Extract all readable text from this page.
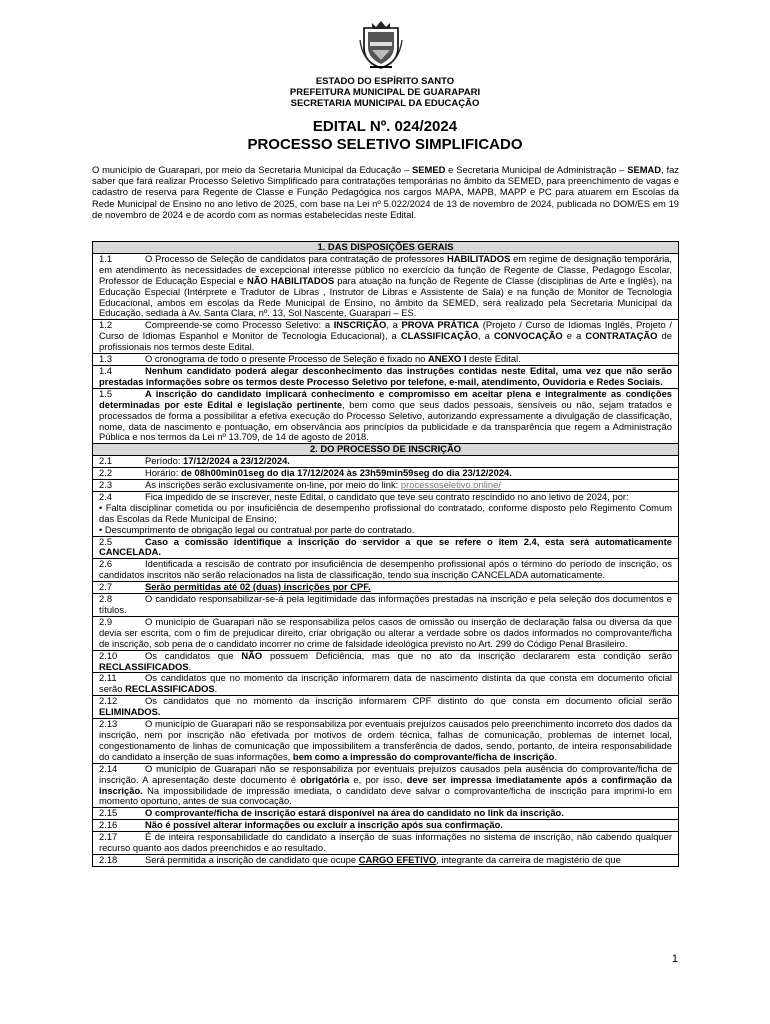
ESTADO DO ESPÍRITO SANTO
PREFEITURA MUNICIPAL DE GUARAPARI
SECRETARIA MUNICIPAL DA EDUCAÇÃO
EDITAL Nº. 024/2024
PROCESSO SELETIVO SIMPLIFICADO
O município de Guarapari, por meio da Secretaria Municipal da Educação – SEMED e Secretaria Municipal de Administração – SEMAD, faz saber que fará realizar Processo Seletivo Simplificado para contratações temporárias no âmbito da SEMED, para preenchimento de vagas e cadastro de reserva para Regente de Classe e Função Pedagógica nos cargos MAPA, MAPB, MAPP e PC para atuarem em Escolas da Rede Municipal de Ensino no ano letivo de 2025, com base na Lei nº 5.022/2024 de 13 de novembro de 2024, publicada no DOM/ES em 19 de novembro de 2024 e de acordo com as normas estabelecidas neste Edital.
1. DAS DISPOSIÇÕES GERAIS
1.1	O Processo de Seleção de candidatos para contratação de professores HABILITADOS em regime de designação temporária, em atendimento às necessidades de excepcional interesse público no exercício da função de Regente de Classe, Pedagogo Escolar, Professor de Educação Especial e NÃO HABILITADOS para atuação na função de Regente de Classe (disciplinas de Arte e Inglês), na Educação Especial (Intérprete e Tradutor de Libras , Instrutor de Libras e Assistente de Sala) e na função de Monitor de Tecnologia Educacional, ambos em escolas da Rede Municipal de Ensino, no âmbito da SEMED, será realizado pela Secretaria Municipal da Educação, sediada à Av. Santa Clara, nº. 13, Sol Nascente, Guarapari – ES.
1.2	Compreende-se como Processo Seletivo: a INSCRIÇÃO, a PROVA PRÁTICA (Projeto / Curso de Idiomas Inglês, Projeto / Curso de Idiomas Espanhol e Monitor de Tecnologia Educacional), a CLASSIFICAÇÃO, a CONVOCAÇÃO e a CONTRATAÇÃO de profissionais nos termos deste Edital.
1.3	O cronograma de todo o presente Processo de Seleção é fixado no ANEXO I deste Edital.
1.4	Nenhum candidato poderá alegar desconhecimento das instruções contidas neste Edital, uma vez que não serão prestadas informações sobre os termos deste Processo Seletivo por telefone, e-mail, atendimento, Ouvidoria e Redes Sociais.
1.5	A inscrição do candidato implicará conhecimento e compromisso em aceitar plena e integralmente as condições determinadas por este Edital e legislação pertinente, bem como que seus dados pessoais, sensíveis ou não, sejam tratados e processados de forma a possibilitar a efetiva execução do Processo Seletivo, autorizando expressamente a divulgação de classificação, nome, data de nascimento e pontuação, em observância aos princípios da publicidade e da transparência que regem a Administração Pública e nos termos da Lei nº 13.709, de 14 de agosto de 2018.
2. DO PROCESSO DE INSCRIÇÃO
2.1	Período: 17/12/2024 a 23/12/2024.
2.2	Horário: de 08h00min01seg do dia 17/12/2024 às 23h59min59seg do dia 23/12/2024.
2.3	As inscrições serão exclusivamente on-line, por meio do link: processoseletivo.online/
2.4	Fica impedido de se inscrever, neste Edital, o candidato que teve seu contrato rescindido no ano letivo de 2024, por:
• Falta disciplinar cometida ou por insuficiência de desempenho profissional do contratado, conforme disposto pelo Regimento Comum das Escolas da Rede Municipal de Ensino;
• Descumprimento de obrigação legal ou contratual por parte do contratado.
2.5	Caso a comissão identifique a inscrição do servidor a que se refere o item 2.4, esta será automaticamente CANCELADA.
2.6	Identificada a rescisão de contrato por insuficiência de desempenho profissional após o término do período de inscrição, os candidatos inscritos não serão relacionados na lista de classificação, tendo sua inscrição CANCELADA automaticamente.
2.7	Serão permitidas até 02 (duas) inscrições por CPF.
2.8	O candidato responsabilizar-se-á pela legitimidade das informações prestadas na inscrição e pela seleção dos documentos e títulos.
2.9	O município de Guarapari não se responsabiliza pelos casos de omissão ou inserção de declaração falsa ou diversa da que devia ser escrita, com o fim de prejudicar direito, criar obrigação ou alterar a verdade sobre os dados informados no comprovante/ficha de inscrição, sob pena de o candidato incorrer no crime de falsidade ideológica previsto no Art. 299 do Código Penal Brasileiro.
2.10	Os candidatos que NÃO possuem Deficiência, mas que no ato da inscrição declararem esta condição serão RECLASSIFICADOS.
2.11	Os candidatos que no momento da inscrição informarem data de nascimento distinta da que consta em documento oficial serão RECLASSIFICADOS.
2.12	Os candidatos que no momento da inscrição informarem CPF distinto do que consta em documento oficial serão ELIMINADOS.
2.13	O município de Guarapari não se responsabiliza por eventuais prejuízos causados pelo preenchimento incorreto dos dados da inscrição, nem por inscrição não efetivada por motivos de ordem técnica, falhas de comunicação, problemas de internet local, congestionamento de linhas de comunicação que impossibilitem a transferência de dados, sendo, portanto, de inteira responsabilidade do candidato a inserção de suas informações, bem como a impressão do comprovante/ficha de inscrição.
2.14	O município de Guarapari não se responsabiliza por eventuais prejuízos causados pela ausência do comprovante/ficha de inscrição. A apresentação deste documento é obrigatória e, por isso, deve ser impressa imediatamente após a confirmação da inscrição. Na impossibilidade de impressão imediata, o candidato deve salvar o comprovante/ficha de inscrição para imprimi-lo em momento oportuno, antes de sua convocação.
2.15	O comprovante/ficha de inscrição estará disponível na área do candidato no link da inscrição.
2.16	Não é possível alterar informações ou excluir a inscrição após sua confirmação.
2.17	É de inteira responsabilidade do candidato a inserção de suas informações no sistema de inscrição, não cabendo qualquer recurso quanto aos dados preenchidos e ao resultado.
2.18	Será permitida a inscrição de candidato que ocupe CARGO EFETIVO, integrante da carreira de magistério de que
1
